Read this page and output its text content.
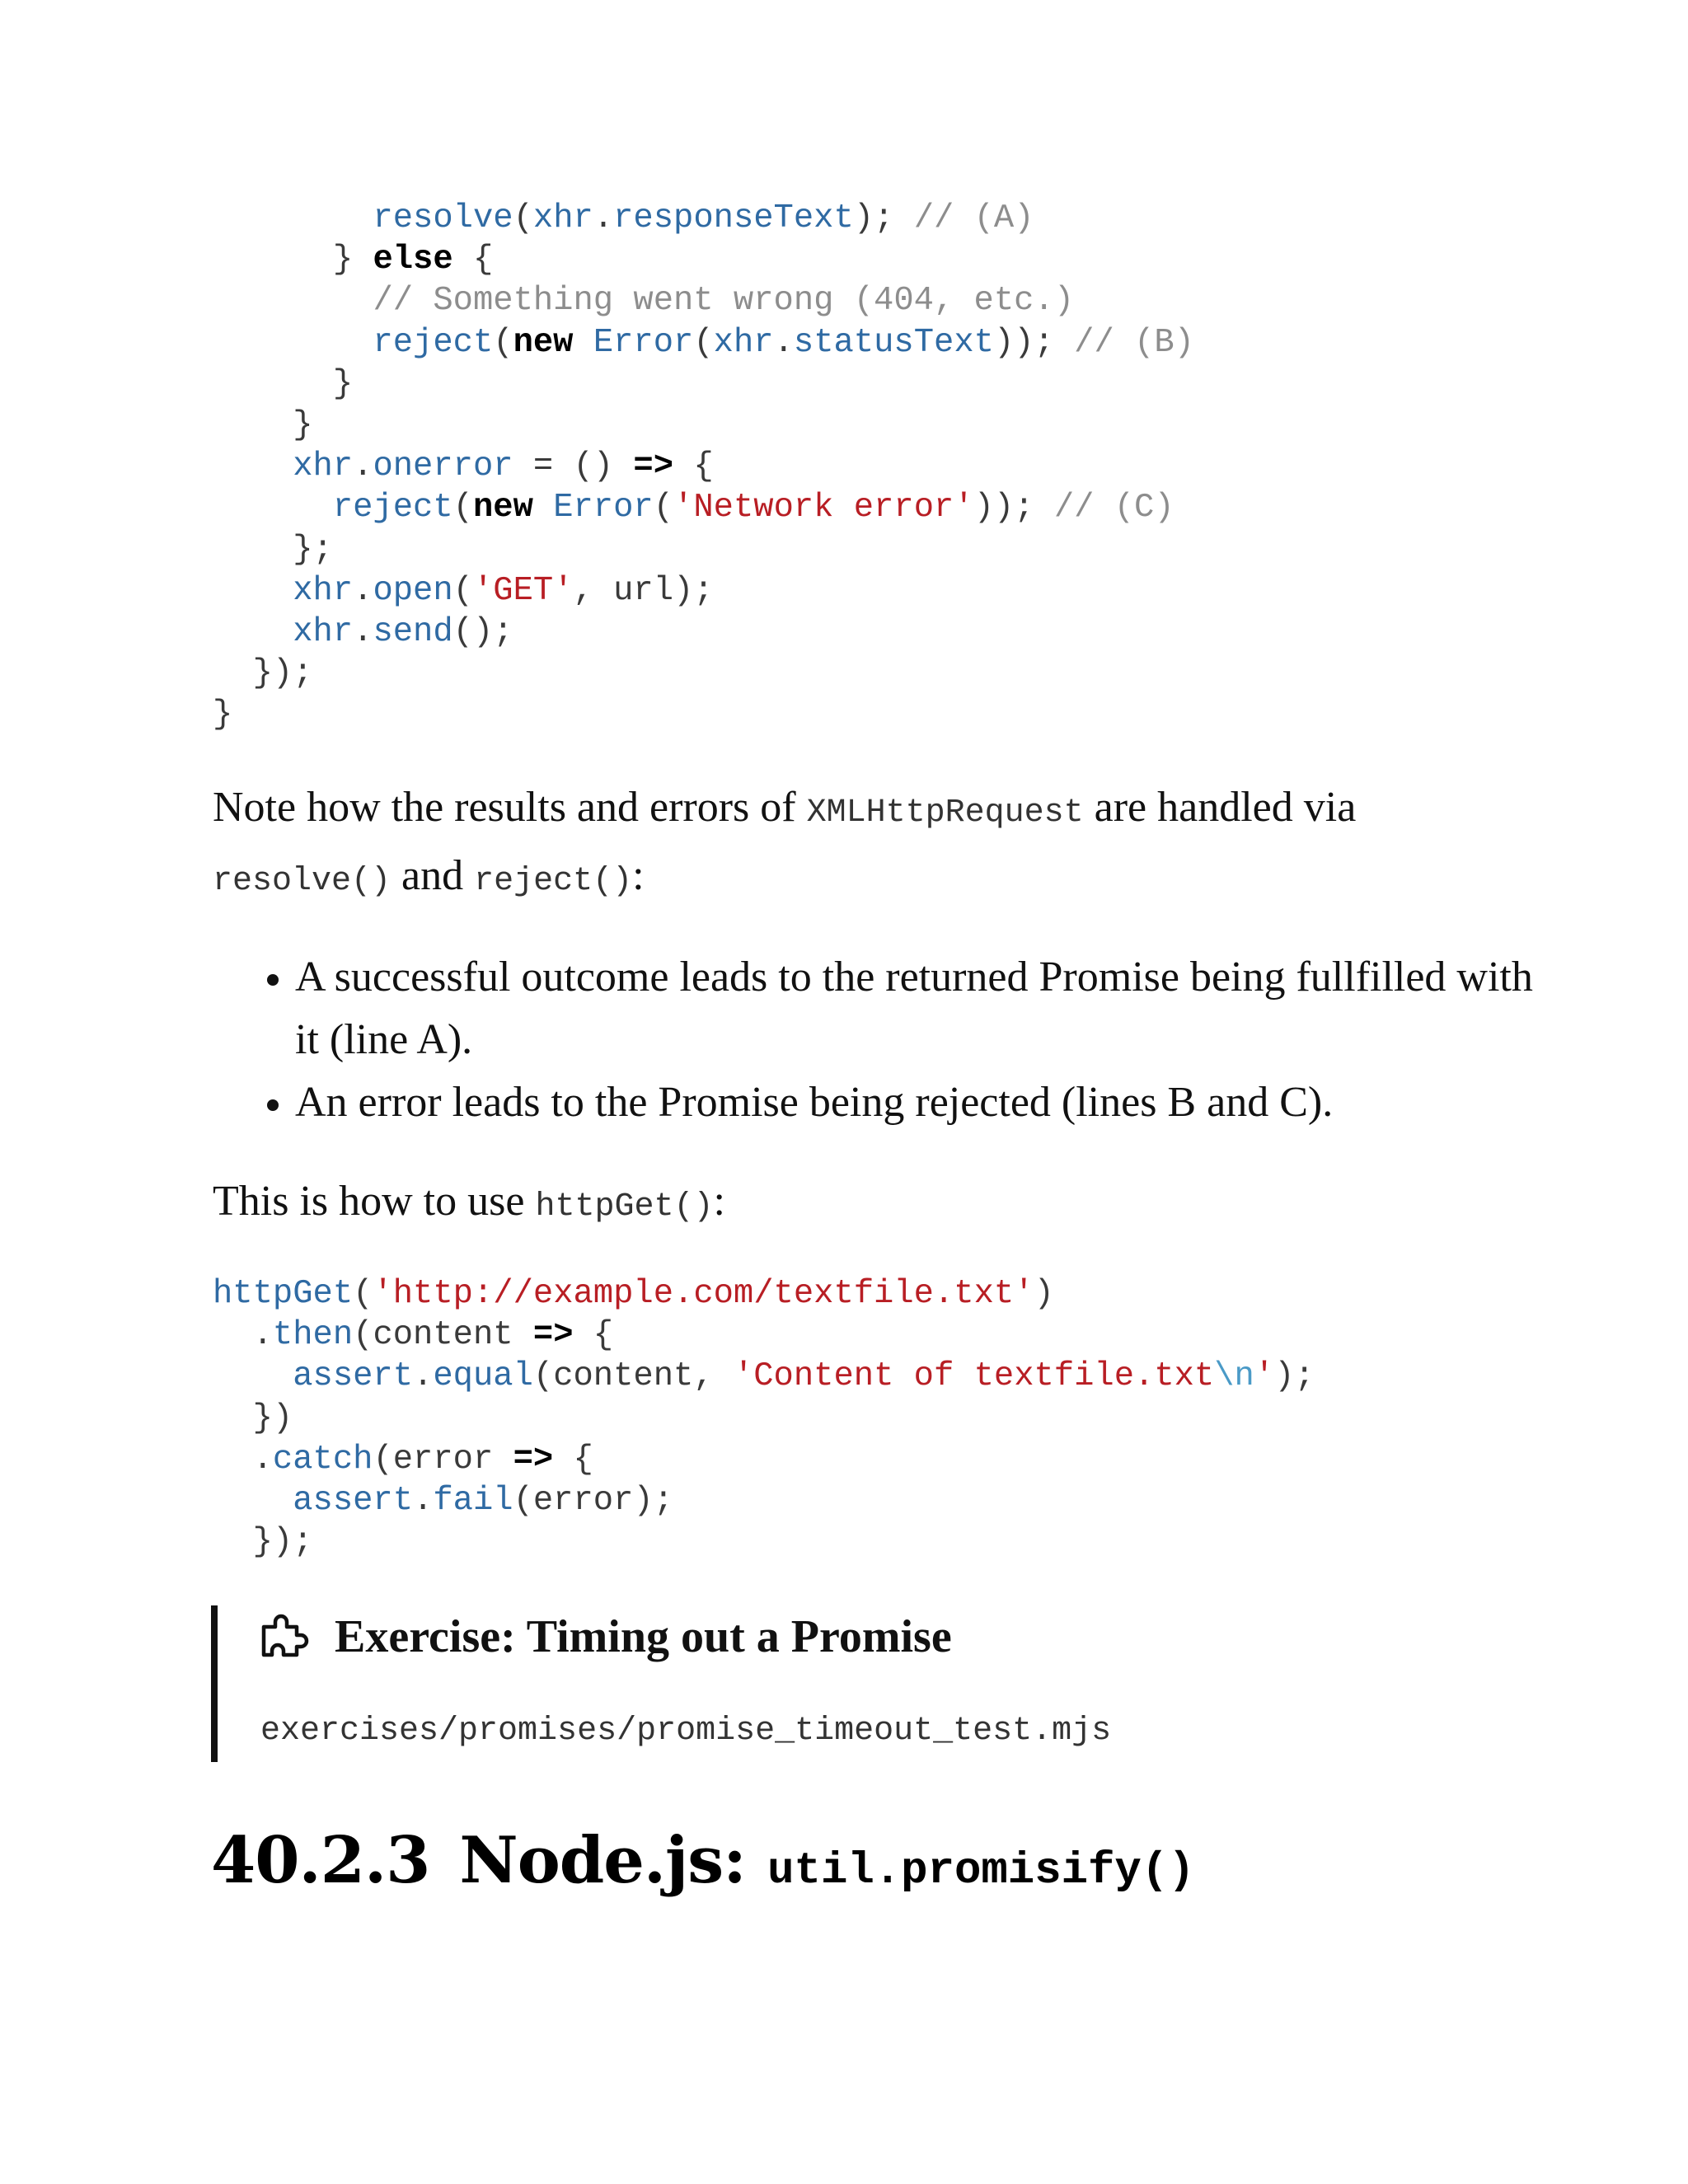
resolve(xhr.responseText); // (A)
} else {
// Something went wrong (404, etc.)
reject(new Error(xhr.statusText)); // (B)
}
}
xhr.onerror = () => {
reject(new Error('Network error')); // (C)
};
xhr.open('GET', url);
xhr.send();
});
}

Note how the results and errors of XMLHttpRequest are handled via
resolve() and reject():

• A successful outcome leads to the returned Promise being fullfilled with it (line A).
• An error leads to the Promise being rejected (lines B and C).

This is how to use httpGet():

httpGet('http://example.com/textfile.txt')
.then(content => {
assert.equal(content, 'Content of textfile.txt\n');
})
.catch(error => {
assert.fail(error);
});
Exercise: Timing out a Promise
exercises/promises/promise_timeout_test.mjs
40.2.3 Node.js: util.promisify()
